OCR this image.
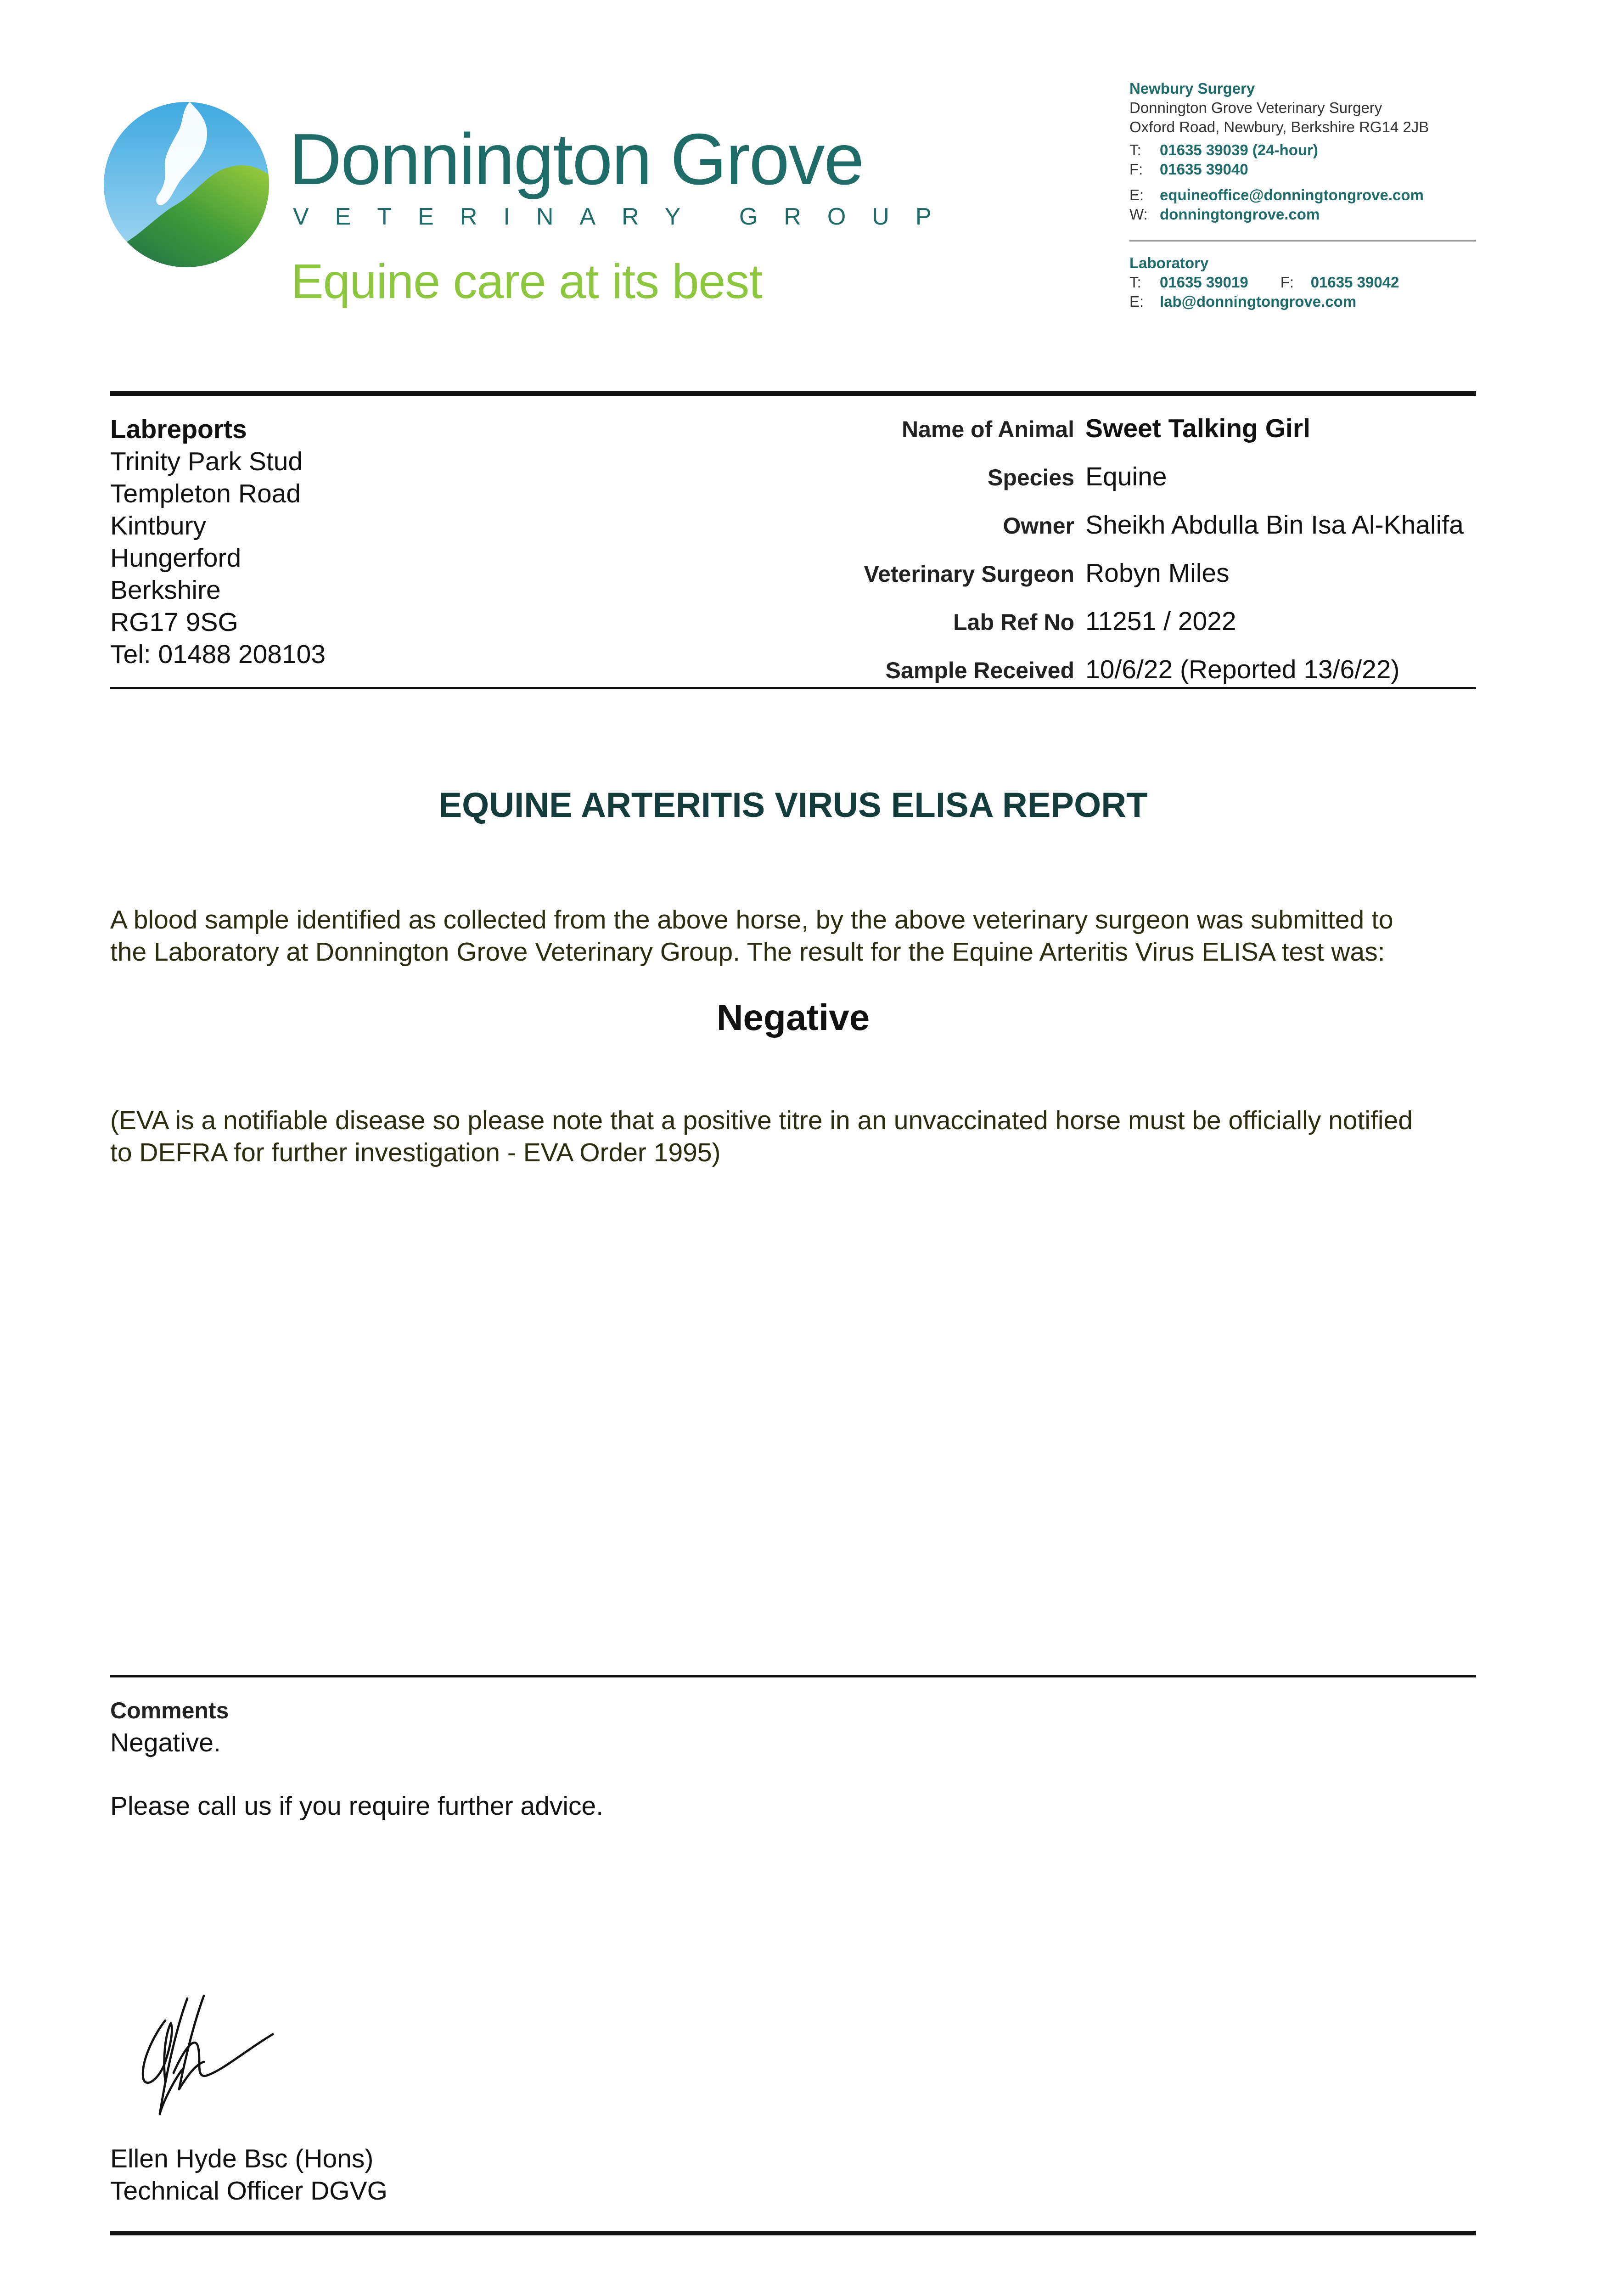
Donnington Grove
VETERINARY GROUP
Equine care at its best
Newbury Surgery
Donnington Grove Veterinary Surgery
Oxford Road, Newbury, Berkshire RG14 2JB
T: 01635 39039 (24-hour)
F: 01635 39040
E: equineoffice@donningtongrove.com
W: donningtongrove.com
Laboratory
T: 01635 39019 F: 01635 39042
E: lab@donningtongrove.com
Labreports
Trinity Park Stud
Templeton Road
Kintbury
Hungerford
Berkshire
RG17 9SG
Tel: 01488 208103
Name of Animal	Sweet Talking Girl
Species	Equine
Owner	Sheikh Abdulla Bin Isa Al-Khalifa
Veterinary Surgeon	Robyn Miles
Lab Ref No	11251 / 2022
Sample Received	10/6/22 (Reported 13/6/22)
EQUINE ARTERITIS VIRUS ELISA REPORT
A blood sample identified as collected from the above horse, by the above veterinary surgeon was submitted to
the Laboratory at Donnington Grove Veterinary Group. The result for the Equine Arteritis Virus ELISA test was:
Negative
(EVA is a notifiable disease so please note that a positive titre in an unvaccinated horse must be officially notified
to DEFRA for further investigation - EVA Order 1995)
Comments
Negative.
Please call us if you require further advice.
Ellen Hyde Bsc (Hons)
Technical Officer DGVG
